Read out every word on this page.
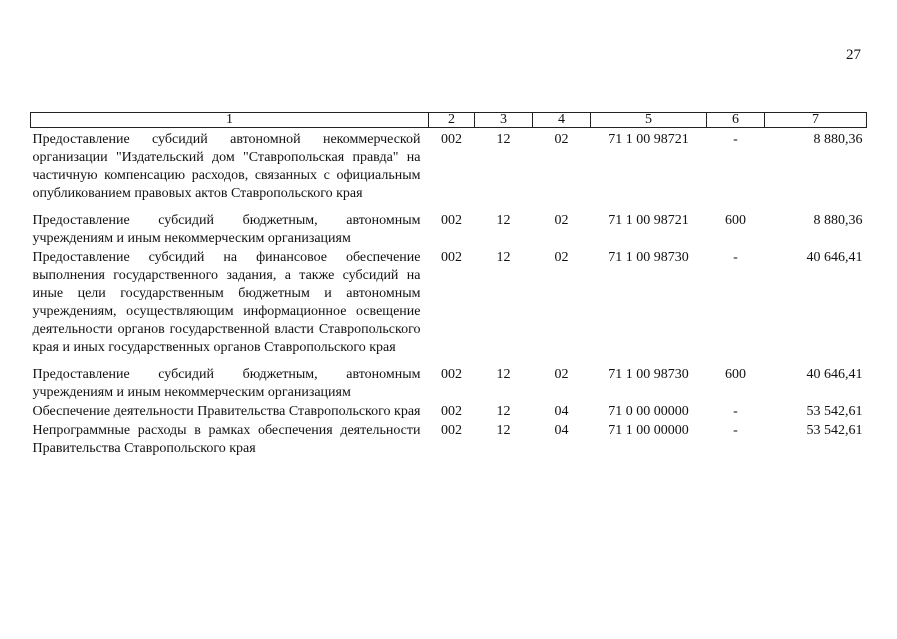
27
1	2	3	4	5	6	7
Предоставление субсидий автономной некоммерческой организации "Издательский дом "Ставропольская правда" на частичную компенсацию расходов, связанных с официальным опубликованием правовых актов Ставропольского края	002	12	02	71 1 00 98721	-	8 880,36
Предоставление субсидий бюджетным, автономным учреждениям и иным некоммерческим организациям	002	12	02	71 1 00 98721	600	8 880,36
Предоставление субсидий на финансовое обеспечение выполнения государственного задания, а также субсидий на иные цели государственным бюджетным и автономным учреждениям, осуществляющим информационное освещение деятельности органов государственной власти Ставропольского края и иных государственных органов Ставропольского края	002	12	02	71 1 00 98730	-	40 646,41
Предоставление субсидий бюджетным, автономным учреждениям и иным некоммерческим организациям	002	12	02	71 1 00 98730	600	40 646,41
Обеспечение деятельности Правительства Ставропольского края	002	12	04	71 0 00 00000	-	53 542,61
Непрограммные расходы в рамках обеспечения деятельности Правительства Ставропольского края	002	12	04	71 1 00 00000	-	53 542,61
